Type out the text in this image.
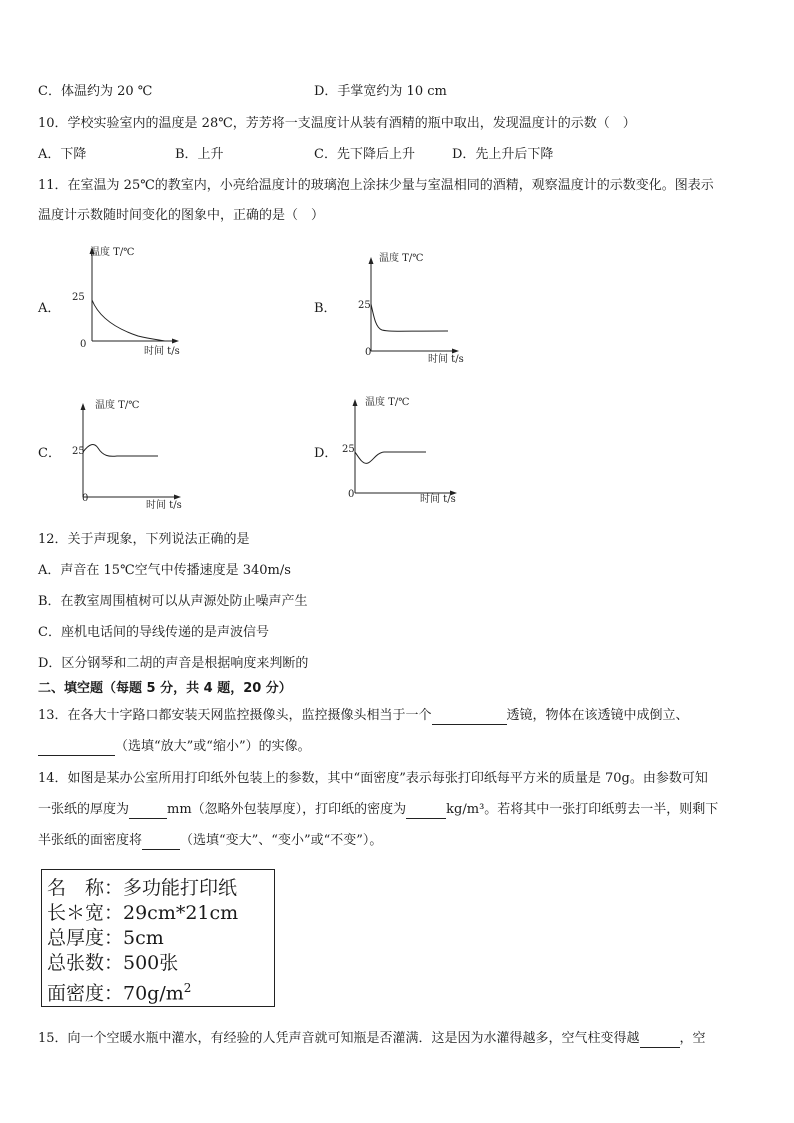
C．体温约为 20 ℃	D．手掌宽约为 10 cm
10．学校实验室内的温度是 28℃，芳芳将一支温度计从装有酒精的瓶中取出，发现温度计的示数（　）
A．下降	B．上升	C．先下降后上升	D．先上升后下降
11．在室温为 25℃的教室内，小亮给温度计的玻璃泡上涂抹少量与室温相同的酒精，观察温度计的示数变化。图表示
温度计示数随时间变化的图象中，正确的是（　）
A．
温度 T/℃
25
0
时间 t/s
B．
温度 T/℃
25
0
时间 t/s
C．
温度 T/℃
25
0
时间 t/s
D．
温度 T/℃
25
0	时间 t/s
12．关于声现象，下列说法正确的是
A．声音在 15℃空气中传播速度是 340m/s
B．在教室周围植树可以从声源处防止噪声产生
C．座机电话间的导线传递的是声波信号
D．区分钢琴和二胡的声音是根据响度来判断的
二、填空题（每题 5 分，共 4 题，20 分）
13．在各大十字路口都安装天网监控摄像头，监控摄像头相当于一个	透镜，物体在该透镜中成倒立、
（选填“放大”或“缩小”）的实像。
14．如图是某办公室所用打印纸外包装上的参数，其中“面密度”表示每张打印纸每平方米的质量是 70g。由参数可知
一张纸的厚度为	mm（忽略外包装厚度），打印纸的密度为	kg/m³。若将其中一张打印纸剪去一半，则剩下
半张纸的面密度将	（选填“变大”、“变小”或“不变”）。
名　称：多功能打印纸
长＊宽：29cm*21cm
总厚度：5cm
总张数：500张
面密度：$70g/m^2$
15．向一个空暖水瓶中灌水，有经验的人凭声音就可知瓶是否灌满．这是因为水灌得越多，空气柱变得越	，空
